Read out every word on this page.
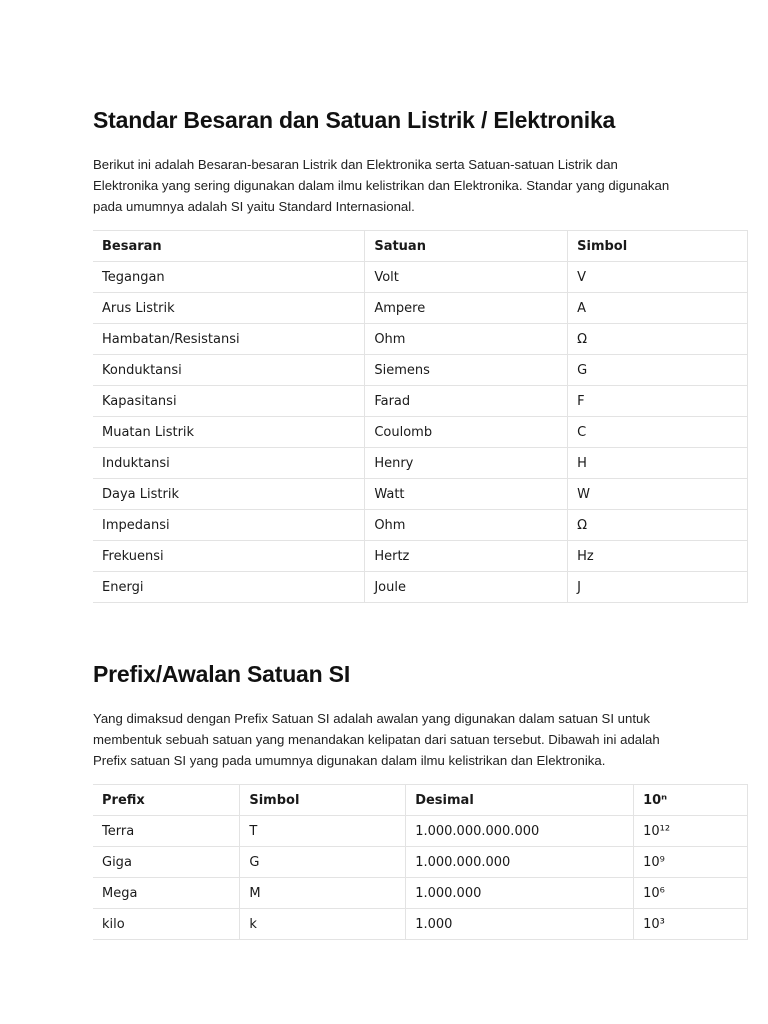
Standar Besaran dan Satuan Listrik / Elektronika

Berikut ini adalah Besaran-besaran Listrik dan Elektronika serta Satuan-satuan Listrik dan Elektronika yang sering digunakan dalam ilmu kelistrikan dan Elektronika. Standar yang digunakan pada umumnya adalah SI yaitu Standard Internasional.

Besaran	Satuan	Simbol
Tegangan	Volt	V
Arus Listrik	Ampere	A
Hambatan/Resistansi	Ohm	Ω
Konduktansi	Siemens	G
Kapasitansi	Farad	F
Muatan Listrik	Coulomb	C
Induktansi	Henry	H
Daya Listrik	Watt	W
Impedansi	Ohm	Ω
Frekuensi	Hertz	Hz
Energi	Joule	J
Prefix/Awalan Satuan SI

Yang dimaksud dengan Prefix Satuan SI adalah awalan yang digunakan dalam satuan SI untuk membentuk sebuah satuan yang menandakan kelipatan dari satuan tersebut. Dibawah ini adalah Prefix satuan SI yang pada umumnya digunakan dalam ilmu kelistrikan dan Elektronika.

Prefix	Simbol	Desimal	10ⁿ
Terra	T	1.000.000.000.000	10¹²
Giga	G	1.000.000.000	10⁹
Mega	M	1.000.000	10⁶
kilo	k	1.000	10³
